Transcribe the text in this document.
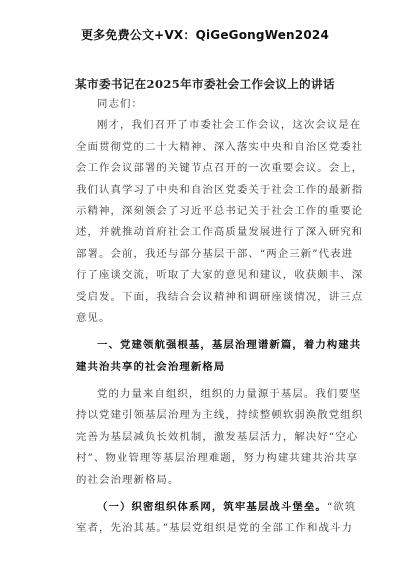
更多免费公文+VX：QiGeGongWen2024
某市委书记在2025年市委社会工作会议上的讲话
同志们：
刚才，我们召开了市委社会工作会议，这次会议是在
全面贯彻党的二十大精神、深入落实中央和自治区党委社
会工作会议部署的关键节点召开的一次重要会议。会上，
我们认真学习了中央和自治区党委关于社会工作的最新指
示精神，深刻领会了习近平总书记关于社会工作的重要论
述，并就推动首府社会工作高质量发展进行了深入研究和
部署。会前，我还与部分基层干部、“两企三新”代表进
行了座谈交流，听取了大家的意见和建议，收获颇丰、深
受启发。下面，我结合会议精神和调研座谈情况，讲三点
意见。
一、党建领航强根基，基层治理谱新篇，着力构建共
建共治共享的社会治理新格局
党的力量来自组织，组织的力量源于基层。我们要坚
持以党建引领基层治理为主线，持续整顿软弱涣散党组织
完善为基层减负长效机制，激发基层活力，解决好“空心
村”、物业管理等基层治理难题，努力构建共建共治共享
的社会治理新格局。
（一）织密组织体系网，筑牢基层战斗堡垒。“欲筑
室者，先治其基。”基层党组织是党的全部工作和战斗力
